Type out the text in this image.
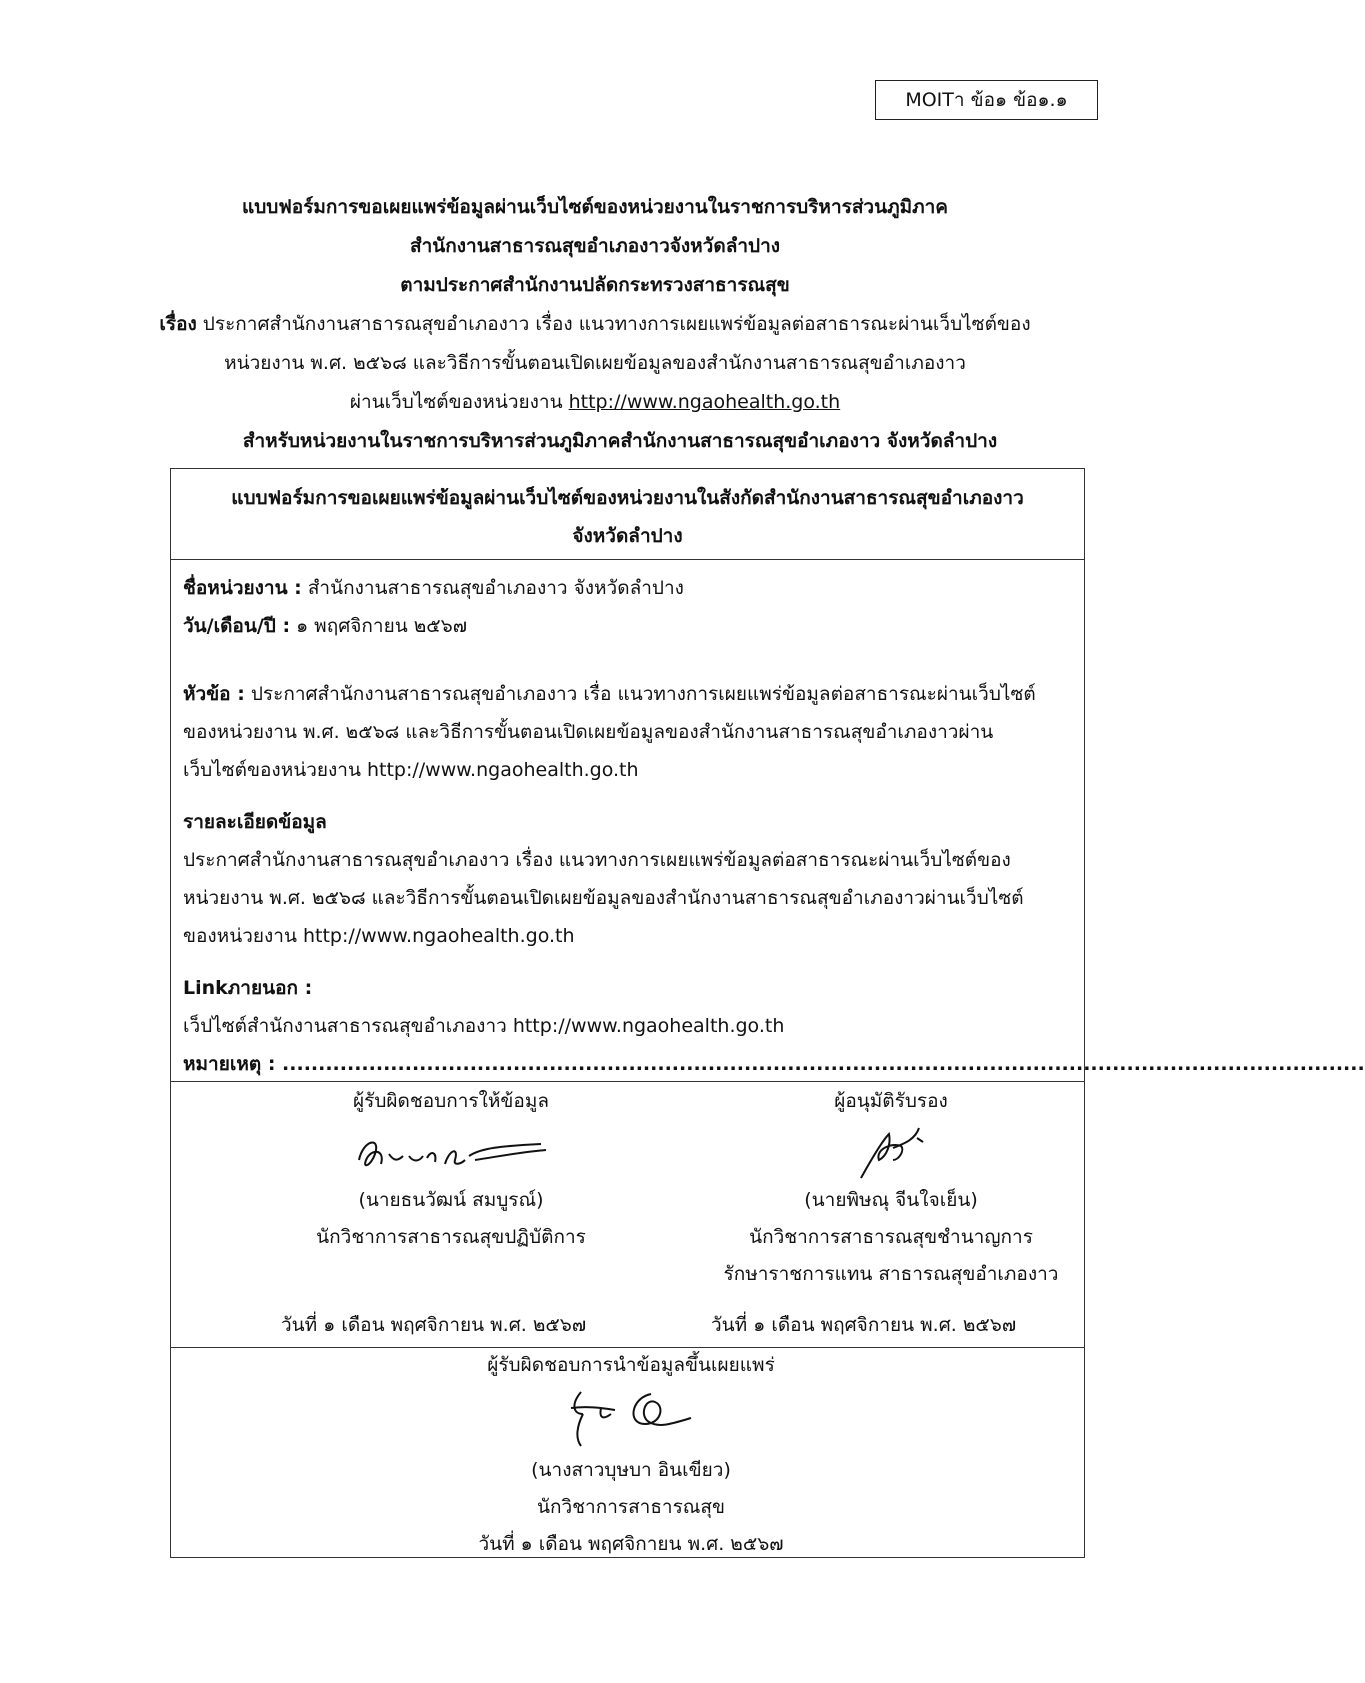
MOITา ข้อ๑ ข้อ๑.๑
แบบฟอร์มการขอเผยแพร่ข้อมูลผ่านเว็บไซต์ของหน่วยงานในราชการบริหารส่วนภูมิภาค
สำนักงานสาธารณสุขอำเภองาวจังหวัดลำปาง
ตามประกาศสำนักงานปลัดกระทรวงสาธารณสุข
เรื่อง ประกาศสำนักงานสาธารณสุขอำเภองาว เรื่อง แนวทางการเผยแพร่ข้อมูลต่อสาธารณะผ่านเว็บไซต์ของ
หน่วยงาน พ.ศ. ๒๕๖๘ และวิธีการขั้นตอนเปิดเผยข้อมูลของสำนักงานสาธารณสุขอำเภองาว
ผ่านเว็บไซต์ของหน่วยงาน http://www.ngaohealth.go.th
สำหรับหน่วยงานในราชการบริหารส่วนภูมิภาคสำนักงานสาธารณสุขอำเภองาว จังหวัดลำปาง
แบบฟอร์มการขอเผยแพร่ข้อมูลผ่านเว็บไซต์ของหน่วยงานในสังกัดสำนักงานสาธารณสุขอำเภองาว
จังหวัดลำปาง

ชื่อหน่วยงาน : สำนักงานสาธารณสุขอำเภองาว จังหวัดลำปาง

วัน/เดือน/ปี : ๑ พฤศจิกายน ๒๕๖๗

หัวข้อ : ประกาศสำนักงานสาธารณสุขอำเภองาว เรื่อ แนวทางการเผยแพร่ข้อมูลต่อสาธารณะผ่านเว็บไซต์

ของหน่วยงาน พ.ศ. ๒๕๖๘ และวิธีการขั้นตอนเปิดเผยข้อมูลของสำนักงานสาธารณสุขอำเภองาวผ่าน

เว็บไซต์ของหน่วยงาน http://www.ngaohealth.go.th

รายละเอียดข้อมูล

ประกาศสำนักงานสาธารณสุขอำเภองาว เรื่อง แนวทางการเผยแพร่ข้อมูลต่อสาธารณะผ่านเว็บไซต์ของ

หน่วยงาน พ.ศ. ๒๕๖๘ และวิธีการขั้นตอนเปิดเผยข้อมูลของสำนักงานสาธารณสุขอำเภองาวผ่านเว็บไซต์

ของหน่วยงาน http://www.ngaohealth.go.th

Linkภายนอก :

เว็ปไซต์สำนักงานสาธารณสุขอำเภองาว http://www.ngaohealth.go.th

หมายเหตุ : ......................................................................................................................................................

ผู้รับผิดชอบการให้ข้อมูล

(นายธนวัฒน์ สมบูรณ์)

นักวิชาการสาธารณสุขปฏิบัติการ

วันที่ ๑ เดือน พฤศจิกายน พ.ศ. ๒๕๖๗

ผู้อนุมัติรับรอง

(นายพิษณุ จีนใจเย็น)

นักวิชาการสาธารณสุขชำนาญการ

รักษาราชการแทน สาธารณสุขอำเภองาว

วันที่ ๑ เดือน พฤศจิกายน พ.ศ. ๒๕๖๗

ผู้รับผิดชอบการนำข้อมูลขึ้นเผยแพร่

(นางสาวบุษบา อินเขียว)

นักวิชาการสาธารณสุข

วันที่ ๑ เดือน พฤศจิกายน พ.ศ. ๒๕๖๗
